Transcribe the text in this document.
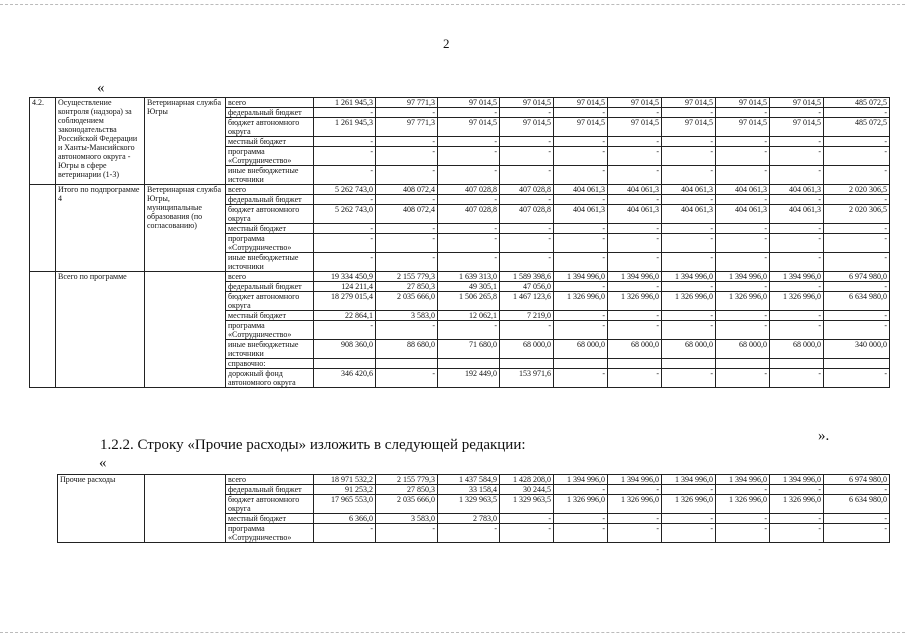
2
«
4.2.	Осуществление контроля (надзора) за соблюдением законодательства Российской Федерации и Ханты-Мансийского автономного округа - Югры в сфере ветеринарии (1-3)	Ветеринарная служба Югры	всего	1 261 945,3	97 771,3	97 014,5	97 014,5	97 014,5	97 014,5	97 014,5	97 014,5	97 014,5	485 072,5
			федеральный бюджет	-	-	-	-	-	-	-	-	-	-
			бюджет автономного округа	1 261 945,3	97 771,3	97 014,5	97 014,5	97 014,5	97 014,5	97 014,5	97 014,5	97 014,5	485 072,5
			местный бюджет	-	-	-	-	-	-	-	-	-	-
			программа «Сотрудничество»	-	-	-	-	-	-	-	-	-	-
			иные внебюджетные источники	-	-	-	-	-	-	-	-	-	-
	Итого по подпрограмме 4	Ветеринарная служба Югры, муниципальные образования (по согласованию)	всего	5 262 743,0	408 072,4	407 028,8	407 028,8	404 061,3	404 061,3	404 061,3	404 061,3	404 061,3	2 020 306,5
			федеральный бюджет	-	-	-	-	-	-	-	-	-	-
			бюджет автономного округа	5 262 743,0	408 072,4	407 028,8	407 028,8	404 061,3	404 061,3	404 061,3	404 061,3	404 061,3	2 020 306,5
			местный бюджет	-	-	-	-	-	-	-	-	-	-
			программа «Сотрудничество»	-	-	-	-	-	-	-	-	-	-
			иные внебюджетные источники	-	-	-	-	-	-	-	-	-	-
	Всего по программе		всего	19 334 450,9	2 155 779,3	1 639 313,0	1 589 398,6	1 394 996,0	1 394 996,0	1 394 996,0	1 394 996,0	1 394 996,0	6 974 980,0
			федеральный бюджет	124 211,4	27 850,3	49 305,1	47 056,0	-	-	-	-	-	-
			бюджет автономного округа	18 279 015,4	2 035 666,0	1 506 265,8	1 467 123,6	1 326 996,0	1 326 996,0	1 326 996,0	1 326 996,0	1 326 996,0	6 634 980,0
			местный бюджет	22 864,1	3 583,0	12 062,1	7 219,0	-	-	-	-	-	-
			программа «Сотрудничество»	-	-	-	-	-	-	-	-	-	-
			иные внебюджетные источники	908 360,0	88 680,0	71 680,0	68 000,0	68 000,0	68 000,0	68 000,0	68 000,0	68 000,0	340 000,0
			справочно:										
			дорожный фонд автономного округа	346 420,6	-	192 449,0	153 971,6	-	-	-	-	-	-
».
1.2.2. Строку «Прочие расходы» изложить в следующей редакции:
«
Прочие расходы		всего	18 971 532,2	2 155 779,3	1 437 584,9	1 428 208,0	1 394 996,0	1 394 996,0	1 394 996,0	1 394 996,0	1 394 996,0	6 974 980,0
		федеральный бюджет	91 253,2	27 850,3	33 158,4	30 244,5	-	-	-	-	-	-
		бюджет автономного округа	17 965 553,0	2 035 666,0	1 329 963,5	1 329 963,5	1 326 996,0	1 326 996,0	1 326 996,0	1 326 996,0	1 326 996,0	6 634 980,0
		местный бюджет	6 366,0	3 583,0	2 783,0	-	-	-	-	-	-	-
		программа «Сотрудничество»	-	-	-	-	-	-	-	-	-	-
